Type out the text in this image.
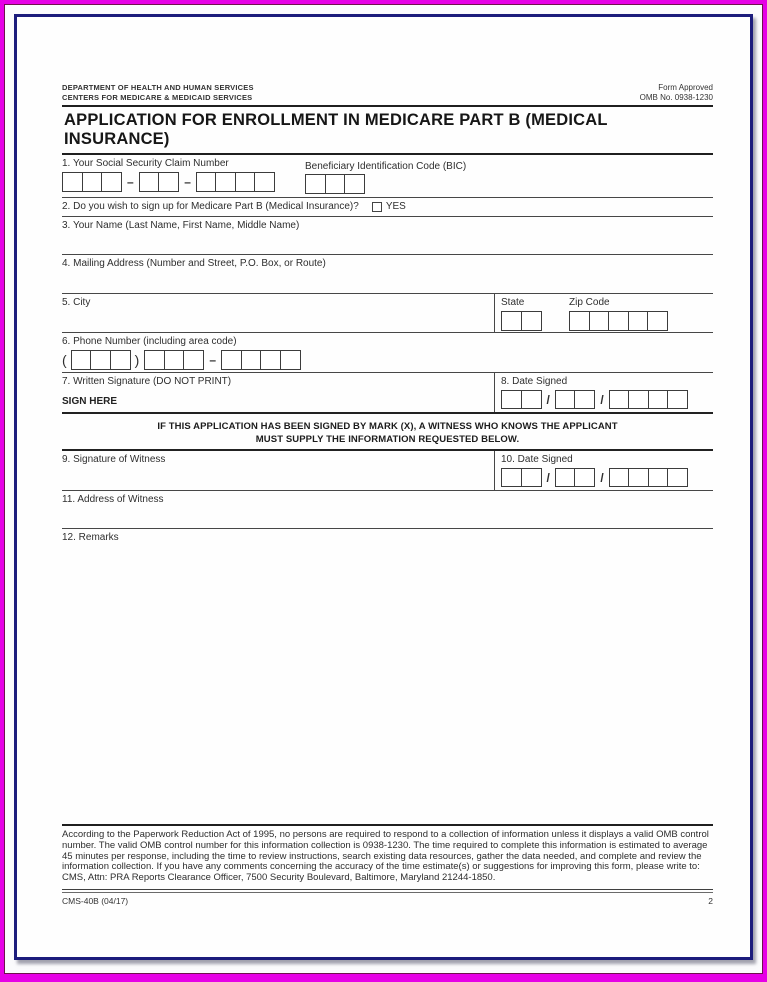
DEPARTMENT OF HEALTH AND HUMAN SERVICES
CENTERS FOR MEDICARE & MEDICAID SERVICES
Form Approved
OMB No. 0938-1230
APPLICATION FOR ENROLLMENT IN MEDICARE PART B (MEDICAL INSURANCE)
1. Your Social Security Claim Number	Beneficiary Identification Code (BIC)
–	–
2. Do you wish to sign up for Medicare Part B (Medical Insurance)?	YES
3. Your Name (Last Name, First Name, Middle Name)
4. Mailing Address (Number and Street, P.O. Box, or Route)
5. City	State	Zip Code
6. Phone Number (including area code)
(	)	–
7. Written Signature (DO NOT PRINT)
SIGN HERE
8. Date Signed
/	/
IF THIS APPLICATION HAS BEEN SIGNED BY MARK (X), A WITNESS WHO KNOWS THE APPLICANT
MUST SUPPLY THE INFORMATION REQUESTED BELOW.
9. Signature of Witness	10. Date Signed
/	/
11. Address of Witness
12. Remarks
According to the Paperwork Reduction Act of 1995, no persons are required to respond to a collection of information unless it displays a valid OMB control number. The valid OMB control number for this information collection is 0938-1230. The time required to complete this information is estimated to average 45 minutes per response, including the time to review instructions, search existing data resources, gather the data needed, and complete and review the information collection. If you have any comments concerning the accuracy of the time estimate(s) or suggestions for improving this form, please write to: CMS, Attn: PRA Reports Clearance Officer, 7500 Security Boulevard, Baltimore, Maryland 21244-1850.
CMS-40B (04/17)	2
